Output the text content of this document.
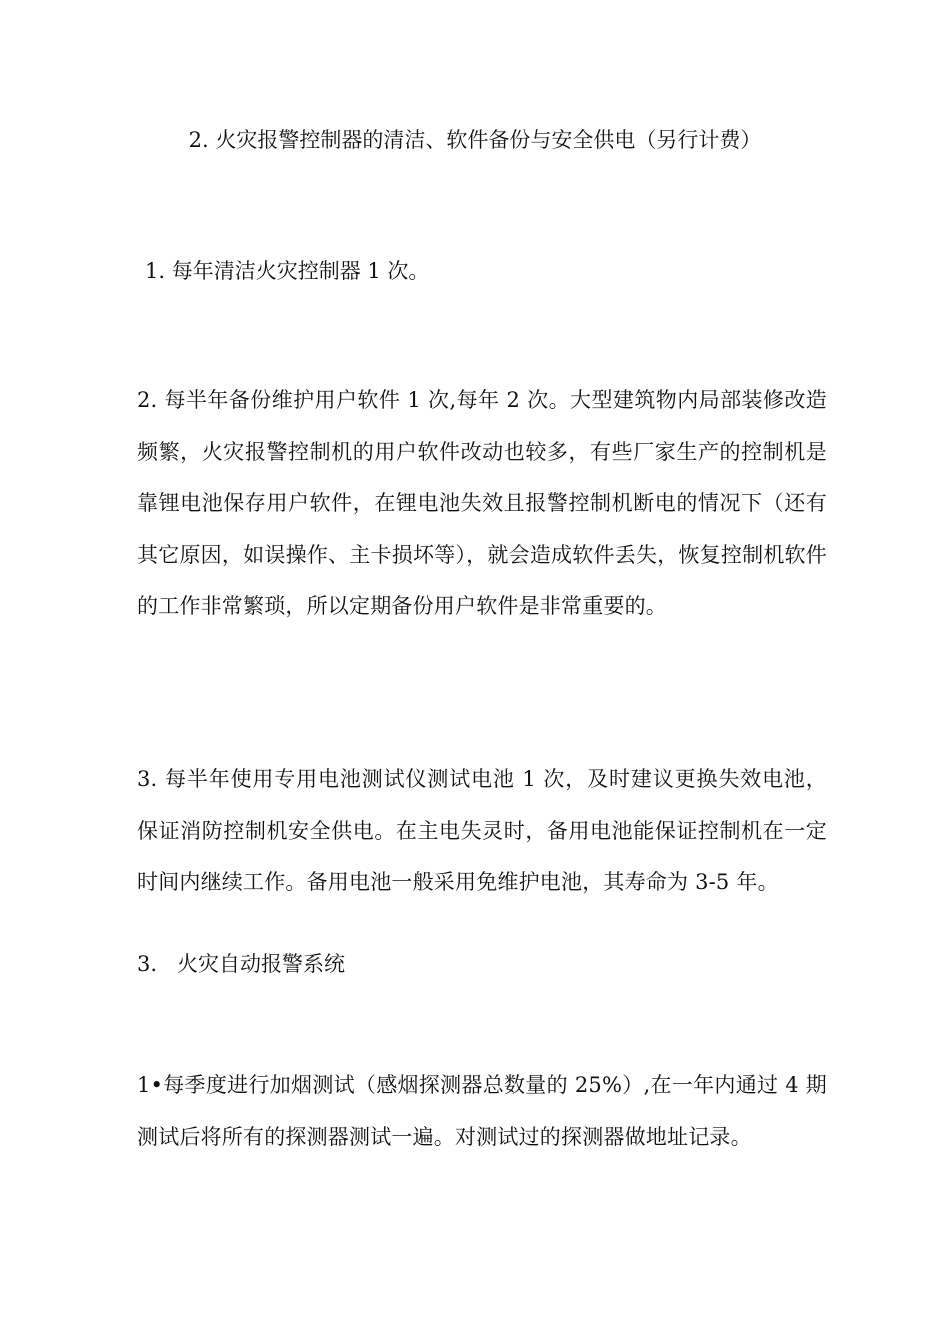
2. 火灾报警控制器的清洁、软件备份与安全供电（另行计费）
1. 每年清洁火灾控制器 1 次。
2. 每半年备份维护用户软件 1 次,每年 2 次。大型建筑物内局部装修改造频繁，火灾报警控制机的用户软件改动也较多，有些厂家生产的控制机是靠锂电池保存用户软件，在锂电池失效且报警控制机断电的情况下（还有其它原因，如误操作、主卡损坏等），就会造成软件丢失，恢复控制机软件的工作非常繁琐，所以定期备份用户软件是非常重要的。
3. 每半年使用专用电池测试仪测试电池 1 次，及时建议更换失效电池，保证消防控制机安全供电。在主电失灵时，备用电池能保证控制机在一定时间内继续工作。备用电池一般采用免维护电池，其寿命为 3-5 年。
3.   火灾自动报警系统
1•每季度进行加烟测试（感烟探测器总数量的 25%）,在一年内通过 4 期测试后将所有的探测器测试一遍。对测试过的探测器做地址记录。
